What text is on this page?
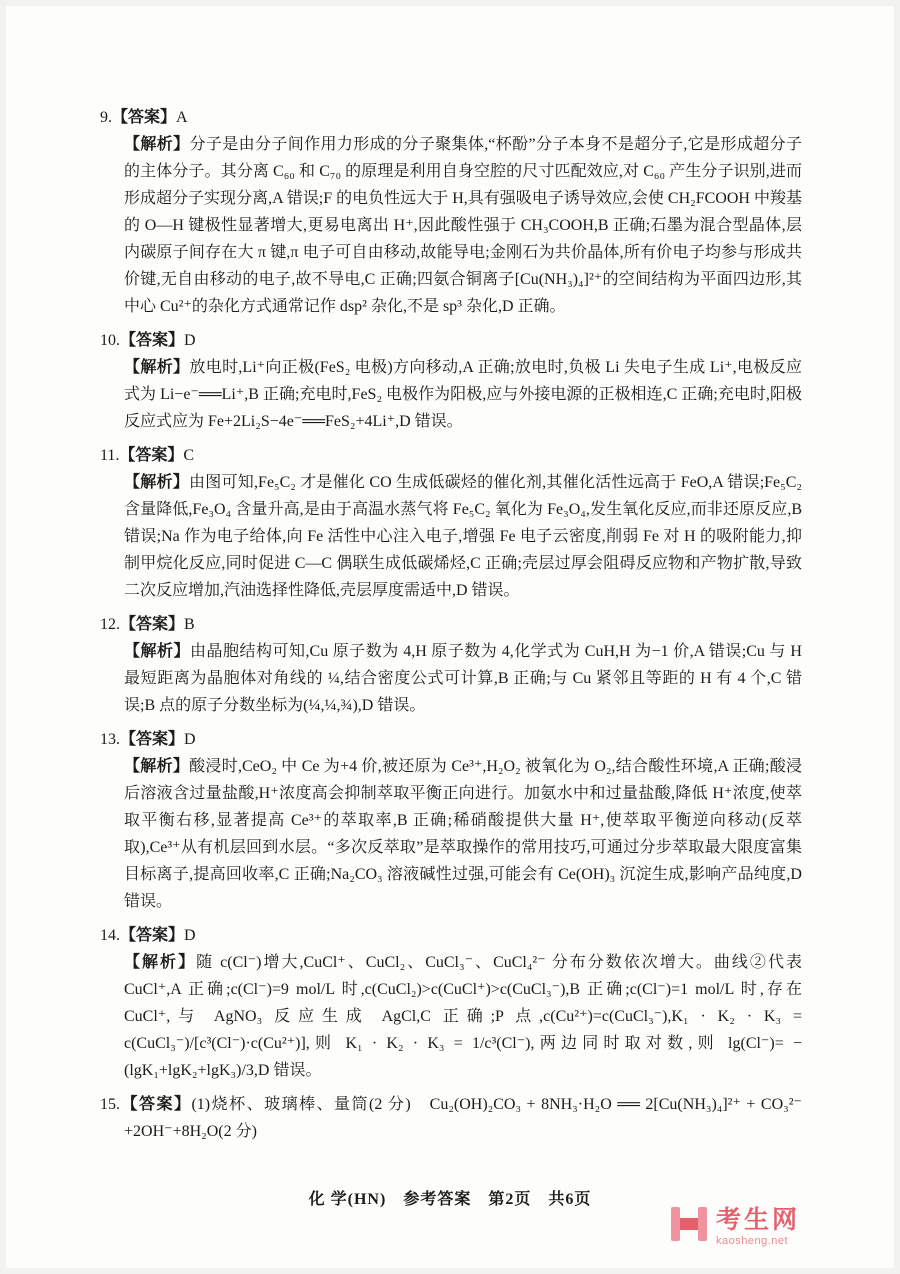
9.【答案】A
【解析】分子是由分子间作用力形成的分子聚集体,“杯酚”分子本身不是超分子,它是形成超分子的主体分子。其分离 C₆₀ 和 C₇₀ 的原理是利用自身空腔的尺寸匹配效应,对 C₆₀ 产生分子识别,进而形成超分子实现分离,A 错误;F 的电负性远大于 H,具有强吸电子诱导效应,会使 CH₂FCOOH 中羧基的 O—H 键极性显著增大,更易电离出 H⁺,因此酸性强于 CH₃COOH,B 正确;石墨为混合型晶体,层内碳原子间存在大 π 键,π 电子可自由移动,故能导电;金刚石为共价晶体,所有价电子均参与形成共价键,无自由移动的电子,故不导电,C 正确;四氨合铜离子[Cu(NH₃)₄]²⁺的空间结构为平面四边形,其中心 Cu²⁺的杂化方式通常记作 dsp² 杂化,不是 sp³ 杂化,D 正确。
10.【答案】D
【解析】放电时,Li⁺向正极(FeS₂ 电极)方向移动,A 正确;放电时,负极 Li 失电子生成 Li⁺,电极反应式为 Li−e⁻══Li⁺,B 正确;充电时,FeS₂ 电极作为阳极,应与外接电源的正极相连,C 正确;充电时,阳极反应式应为 Fe+2Li₂S−4e⁻══FeS₂+4Li⁺,D 错误。
11.【答案】C
【解析】由图可知,Fe₅C₂ 才是催化 CO 生成低碳烃的催化剂,其催化活性远高于 FeO,A 错误;Fe₅C₂ 含量降低,Fe₃O₄ 含量升高,是由于高温水蒸气将 Fe₅C₂ 氧化为 Fe₃O₄,发生氧化反应,而非还原反应,B 错误;Na 作为电子给体,向 Fe 活性中心注入电子,增强 Fe 电子云密度,削弱 Fe 对 H 的吸附能力,抑制甲烷化反应,同时促进 C—C 偶联生成低碳烯烃,C 正确;壳层过厚会阻碍反应物和产物扩散,导致二次反应增加,汽油选择性降低,壳层厚度需适中,D 错误。
12.【答案】B
【解析】由晶胞结构可知,Cu 原子数为 4,H 原子数为 4,化学式为 CuH,H 为−1 价,A 错误;Cu 与 H 最短距离为晶胞体对角线的 ¼,结合密度公式可计算,B 正确;与 Cu 紧邻且等距的 H 有 4 个,C 错误;B 点的原子分数坐标为(¼,¼,¾),D 错误。
13.【答案】D
【解析】酸浸时,CeO₂ 中 Ce 为+4 价,被还原为 Ce³⁺,H₂O₂ 被氧化为 O₂,结合酸性环境,A 正确;酸浸后溶液含过量盐酸,H⁺浓度高会抑制萃取平衡正向进行。加氨水中和过量盐酸,降低 H⁺浓度,使萃取平衡右移,显著提高 Ce³⁺的萃取率,B 正确;稀硝酸提供大量 H⁺,使萃取平衡逆向移动(反萃取),Ce³⁺从有机层回到水层。“多次反萃取”是萃取操作的常用技巧,可通过分步萃取最大限度富集目标离子,提高回收率,C 正确;Na₂CO₃ 溶液碱性过强,可能会有 Ce(OH)₃ 沉淀生成,影响产品纯度,D 错误。
14.【答案】D
【解析】随 c(Cl⁻)增大,CuCl⁺、CuCl₂、CuCl₃⁻、CuCl₄²⁻ 分布分数依次增大。曲线②代表 CuCl⁺,A 正确;c(Cl⁻)=9 mol/L 时,c(CuCl₂)>c(CuCl⁺)>c(CuCl₃⁻),B 正确;c(Cl⁻)=1 mol/L 时,存在 CuCl⁺,与 AgNO₃ 反应生成 AgCl,C 正确;P 点,c(Cu²⁺)=c(CuCl₃⁻),K₁ · K₂ · K₃ = c(CuCl₃⁻)/[c³(Cl⁻)·c(Cu²⁺)],则 K₁ · K₂ · K₃ = 1/c³(Cl⁻),两边同时取对数,则 lg(Cl⁻)= −(lgK₁+lgK₂+lgK₃)/3,D 错误。
15.【答案】(1)烧杯、玻璃棒、量筒(2 分)　Cu₂(OH)₂CO₃ + 8NH₃·H₂O ══ 2[Cu(NH₃)₄]²⁺ + CO₃²⁻ +2OH⁻+8H₂O(2 分)
化 学(HN)　参考答案　第2页　共6页
考生网
kaosheng.net
